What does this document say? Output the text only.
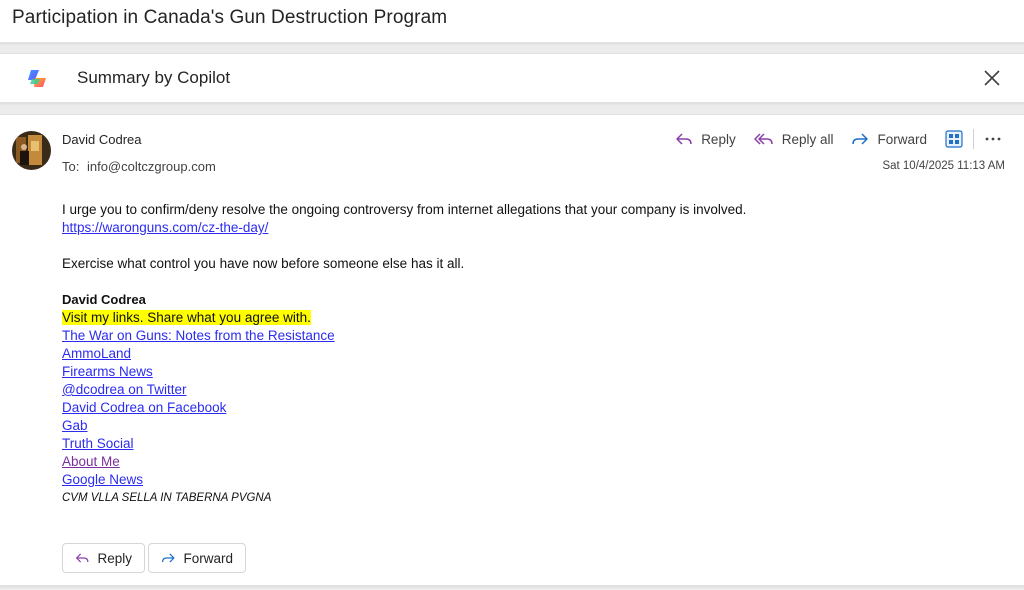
Participation in Canada's Gun Destruction Program
Summary by Copilot
David Codrea
To: info@coltczgroup.com
Reply	Reply all	Forward
Sat 10/4/2025 11:13 AM

I urge you to confirm/deny resolve the ongoing controversy from internet allegations that your company is involved.

https://waronguns.com/cz-the-day/

Exercise what control you have now before someone else has it all.

David Codrea

Visit my links. Share what you agree with.

The War on Guns: Notes from the Resistance

AmmoLand

Firearms News

@dcodrea on Twitter

David Codrea on Facebook

Gab

Truth Social

About Me

Google News

CVM VLLA SELLA IN TABERNA PVGNA

Reply	Forward
